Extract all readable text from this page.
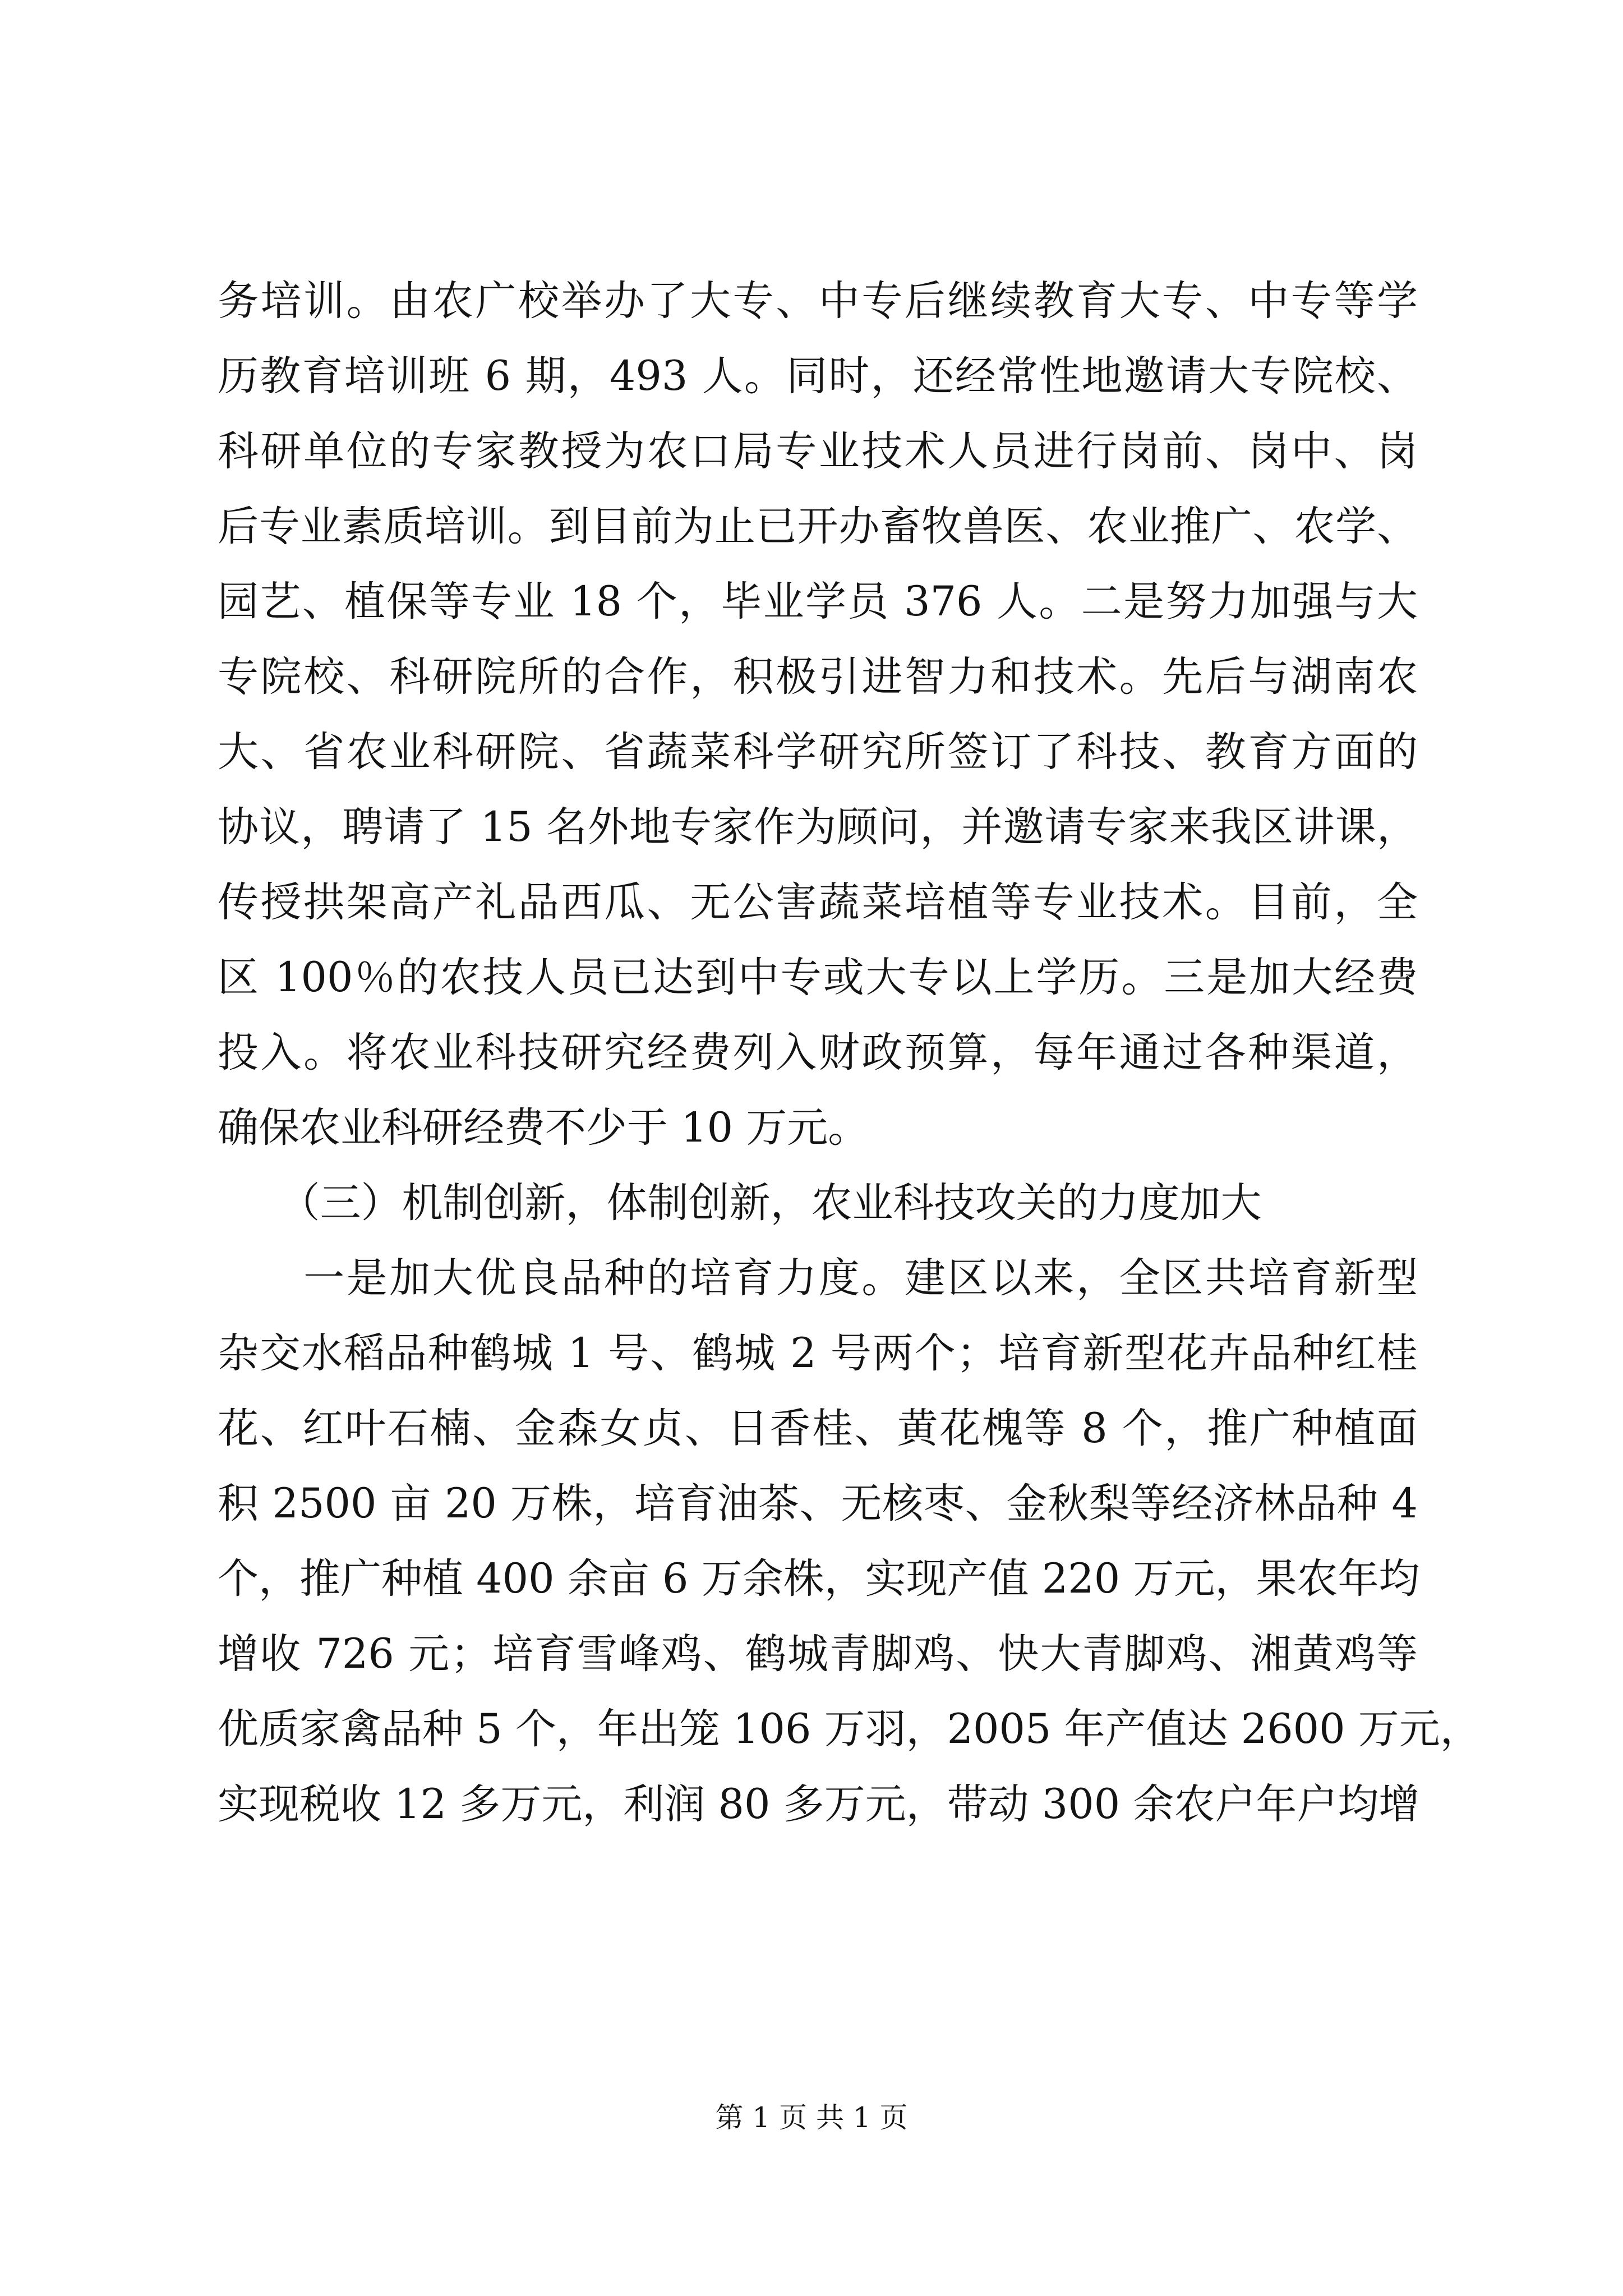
务培训。由农广校举办了大专、中专后继续教育大专、中专等学
历教育培训班 6 期，493 人。同时，还经常性地邀请大专院校、
科研单位的专家教授为农口局专业技术人员进行岗前、岗中、岗
后专业素质培训。到目前为止已开办畜牧兽医、农业推广、农学、
园艺、植保等专业 18 个，毕业学员 376 人。二是努力加强与大
专院校、科研院所的合作，积极引进智力和技术。先后与湖南农
大、省农业科研院、省蔬菜科学研究所签订了科技、教育方面的
协议，聘请了 15 名外地专家作为顾问，并邀请专家来我区讲课，
传授拱架高产礼品西瓜、无公害蔬菜培植等专业技术。目前，全
区 100％的农技人员已达到中专或大专以上学历。三是加大经费
投入。将农业科技研究经费列入财政预算，每年通过各种渠道，
确保农业科研经费不少于 10 万元。
　　（三）机制创新，体制创新，农业科技攻关的力度加大
　　一是加大优良品种的培育力度。建区以来，全区共培育新型
杂交水稻品种鹤城 1 号、鹤城 2 号两个；培育新型花卉品种红桂
花、红叶石楠、金森女贞、日香桂、黄花槐等 8 个，推广种植面
积 2500 亩 20 万株，培育油茶、无核枣、金秋梨等经济林品种 4
个，推广种植 400 余亩 6 万余株，实现产值 220 万元，果农年均
增收 726 元；培育雪峰鸡、鹤城青脚鸡、快大青脚鸡、湘黄鸡等
优质家禽品种 5 个，年出笼 106 万羽，2005 年产值达 2600 万元，
实现税收 12 多万元，利润 80 多万元，带动 300 余农户年户均增
第 1 页 共 1 页
